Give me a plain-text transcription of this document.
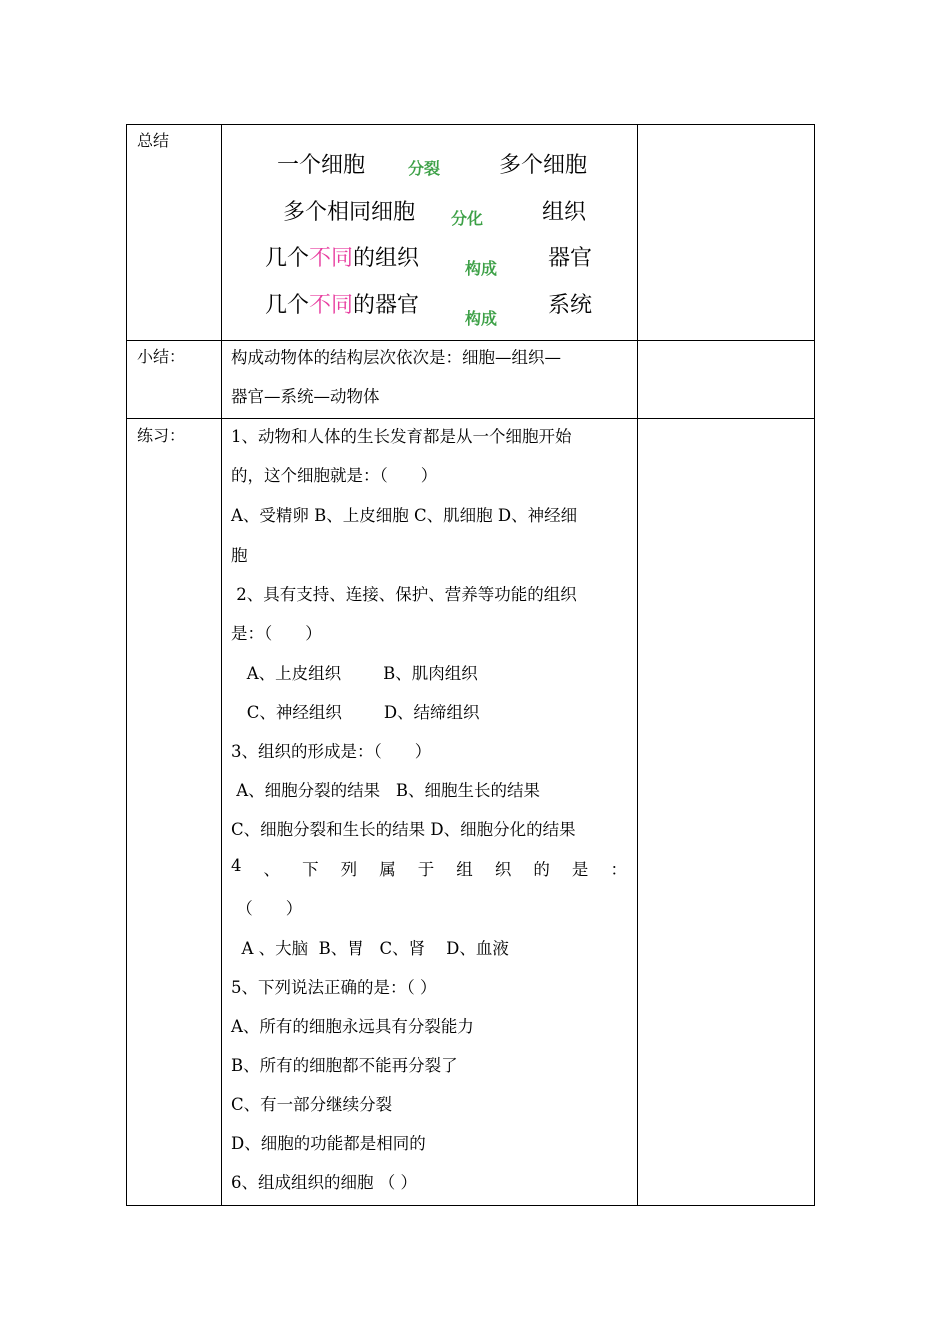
总结
一个细胞	分裂	多个细胞
多个相同细胞 分化	组织
几个不同的组织	构成 器官
几个不同的器官
构成
系统
小结：	构成动物体的结构层次依次是：细胞—组织—
器官—系统—动物体
练习：	1、动物和人体的生长发育都是从一个细胞开始
的，这个细胞就是：（　　）
A、受精卵 B、上皮细胞 C、肌细胞 D、神经细
胞
2、具有支持、连接、保护、营养等功能的组织
是：（　　）
A、上皮组织        B、肌肉组织
C、神经组织        D、结缔组织
3、组织的形成是：（　　）
A、细胞分裂的结果   B、细胞生长的结果
C、细胞分裂和生长的结果 D、细胞分化的结果
4 、 下 列 属 于 组 织 的 是 ：
（　　）
A 、大脑  B、胃   C、肾    D、血液
5、下列说法正确的是：（ ）
A、所有的细胞永远具有分裂能力
B、所有的细胞都不能再分裂了
C、有一部分继续分裂
D、细胞的功能都是相同的
6、组成组织的细胞 （ ）
